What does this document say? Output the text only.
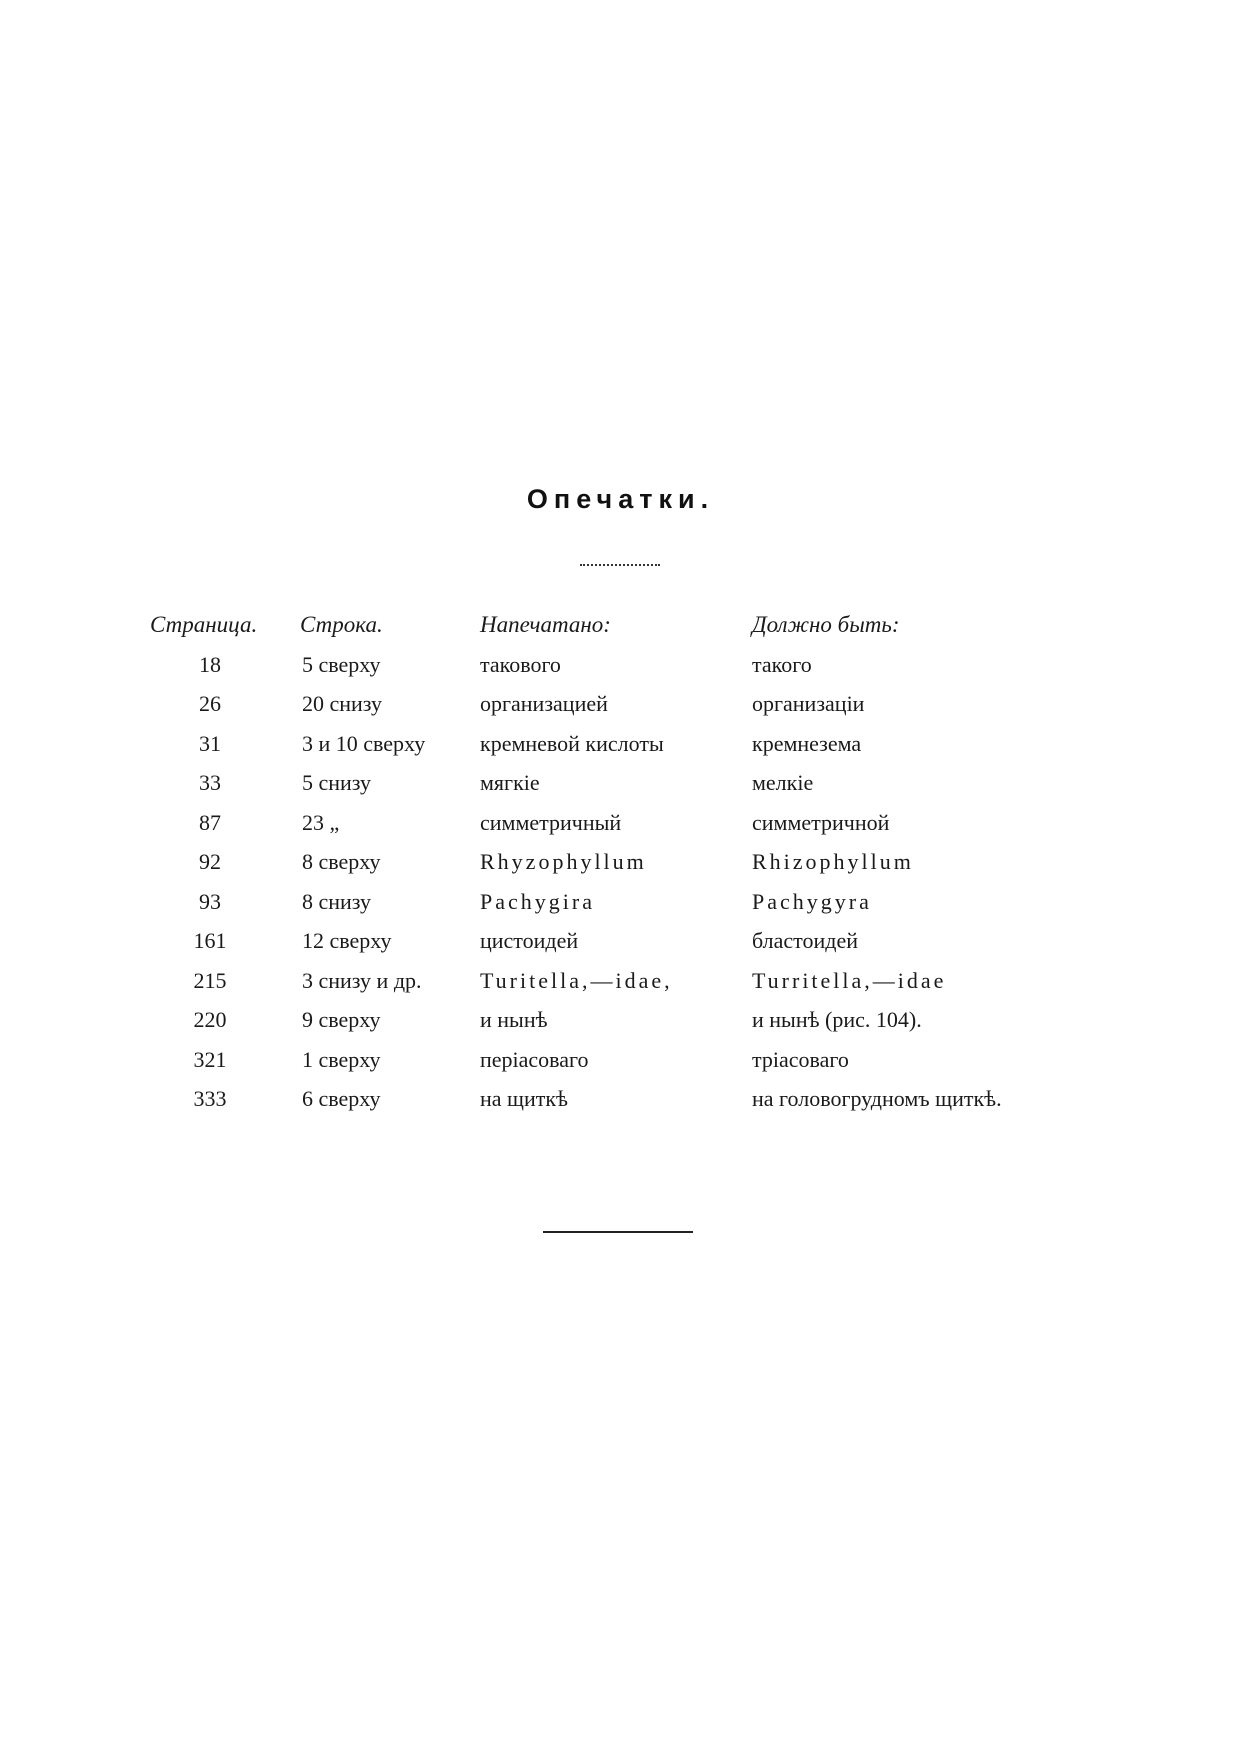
Опечатки.
Страница.	Строка.	Напечатано:	Должно быть:
18	5 сверху	такового	такого
26	20 снизу	организацией	организаціи
31	3 и 10 сверху	кремневой кислоты	кремнезема
33	5 снизу	мягкіе	мелкіе
87	23 „	симметричный	симметричной
92	8 сверху	Rhyzophyllum	Rhizophyllum
93	8 снизу	Pachygira	Pachygyra
161	12 сверху	цистоидей	бластоидей
215	3 снизу и др.	Turitella,—idae,	Turritella,—idae
220	9 сверху	и нынѣ	и нынѣ (рис. 104).
321	1 сверху	періасоваго	тріасоваго
333	6 сверху	на щиткѣ	на головогрудномъ щиткѣ.
